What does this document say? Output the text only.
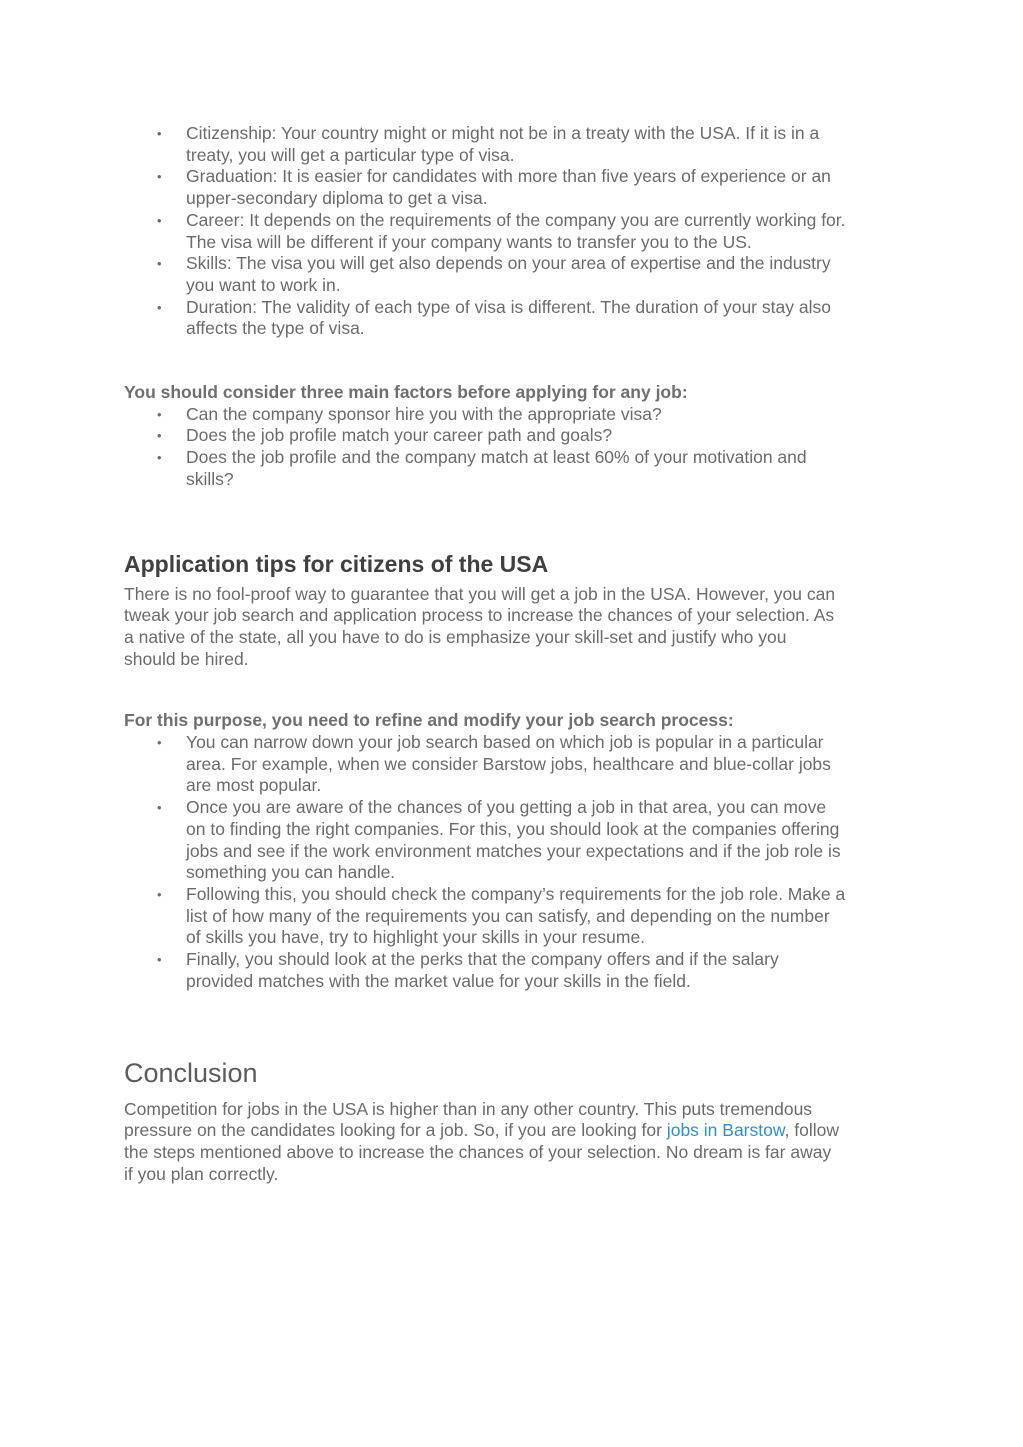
• Citizenship: Your country might or might not be in a treaty with the USA. If it is in a
treaty, you will get a particular type of visa.
• Graduation: It is easier for candidates with more than five years of experience or an
upper-secondary diploma to get a visa.
• Career: It depends on the requirements of the company you are currently working for.
The visa will be different if your company wants to transfer you to the US.
• Skills: The visa you will get also depends on your area of expertise and the industry
you want to work in.
• Duration: The validity of each type of visa is different. The duration of your stay also
affects the type of visa.

You should consider three main factors before applying for any job:

• Can the company sponsor hire you with the appropriate visa?
• Does the job profile match your career path and goals?
• Does the job profile and the company match at least 60% of your motivation and
skills?
Application tips for citizens of the USA

There is no fool-proof way to guarantee that you will get a job in the USA. However, you can
tweak your job search and application process to increase the chances of your selection. As
a native of the state, all you have to do is emphasize your skill-set and justify who you
should be hired.

For this purpose, you need to refine and modify your job search process:

• You can narrow down your job search based on which job is popular in a particular
area. For example, when we consider Barstow jobs, healthcare and blue-collar jobs
are most popular.
• Once you are aware of the chances of you getting a job in that area, you can move
on to finding the right companies. For this, you should look at the companies offering
jobs and see if the work environment matches your expectations and if the job role is
something you can handle.
• Following this, you should check the company’s requirements for the job role. Make a
list of how many of the requirements you can satisfy, and depending on the number
of skills you have, try to highlight your skills in your resume.
• Finally, you should look at the perks that the company offers and if the salary
provided matches with the market value for your skills in the field.
Conclusion

Competition for jobs in the USA is higher than in any other country. This puts tremendous
pressure on the candidates looking for a job. So, if you are looking for jobs in Barstow, follow
the steps mentioned above to increase the chances of your selection. No dream is far away
if you plan correctly.
